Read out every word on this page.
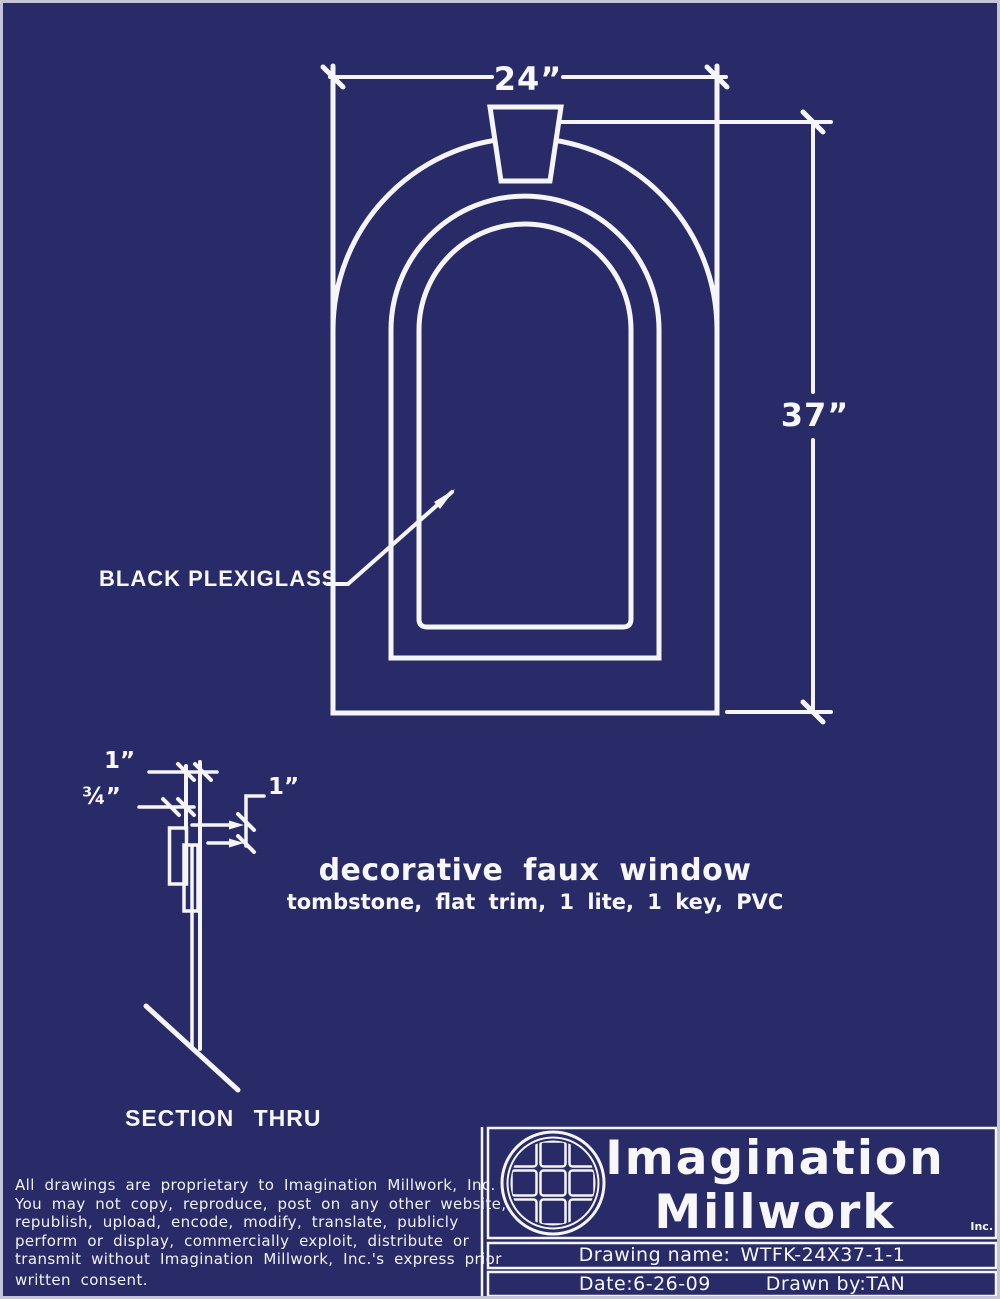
24”
37”
BLACK PLEXIGLASS
1”
¾”	1”
decorative faux window
tombstone, flat trim, 1 lite, 1 key, PVC
SECTION THRU
All drawings are proprietary to Imagination Millwork, Inc.
You may not copy, reproduce, post on any other website,
republish, upload, encode, modify, translate, publicly
perform or display, commercially exploit, distribute or
transmit without Imagination Millwork, Inc.'s express prior
written consent.
Imagination
Millwork	Inc.
Drawing name: WTFK-24X37-1-1
Date:6-26-09	Drawn by:TAN
